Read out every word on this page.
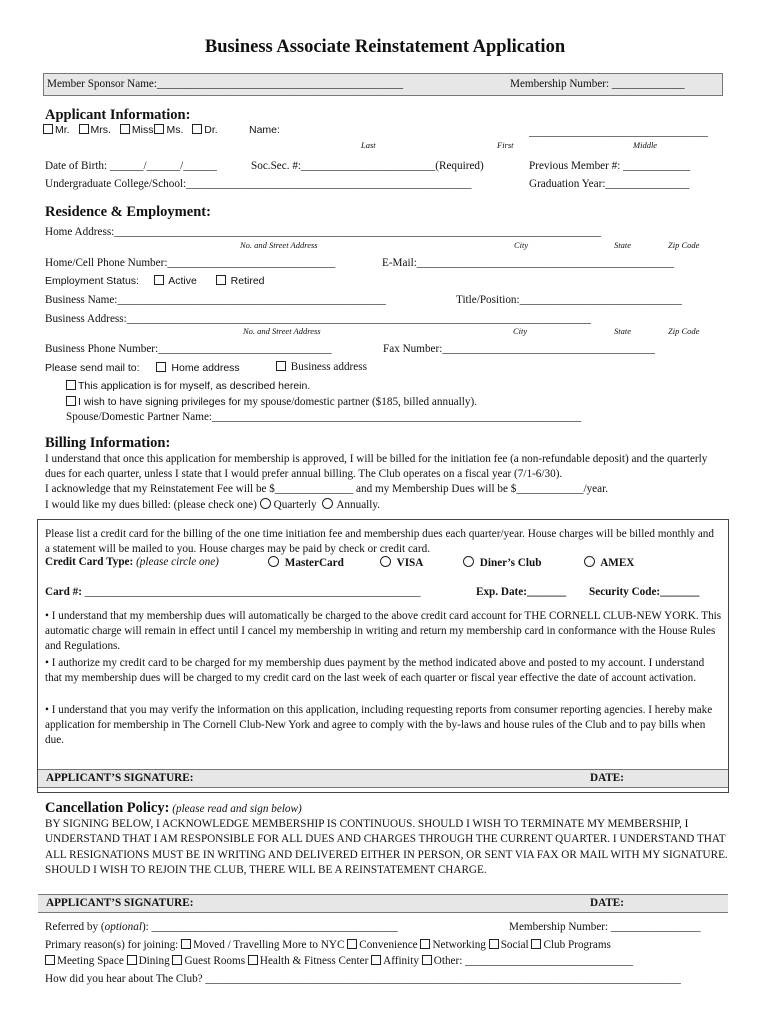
Business Associate Reinstatement Application
Member Sponsor Name:____________________________________________	Membership Number: _____________
Applicant Information:
Mr. Mrs. Miss Ms. Dr.	Name:	________________________________
Last	First	Middle
Date of Birth: ______/______/______	Soc.Sec. #:________________________(Required)	Previous Member #: ____________
Undergraduate College/School:___________________________________________________	Graduation Year:_______________
Residence & Employment:
Home Address:_______________________________________________________________________________________
No. and Street Address	City	State	Zip Code
Home/Cell Phone Number:______________________________	E-Mail:______________________________________________
Employment Status:	Active	Retired
Business Name:________________________________________________	Title/Position:_____________________________
Business Address:___________________________________________________________________________________
No. and Street Address	City	State	Zip Code
Business Phone Number:_______________________________	Fax Number:______________________________________
Please send mail to:	Home address	Business address
This application is for myself, as described herein.
I wish to have signing privileges for my spouse/domestic partner ($185, billed annually).
Spouse/Domestic Partner Name:__________________________________________________________________
Billing Information:
I understand that once this application for membership is approved, I will be billed for the initiation fee (a non-refundable deposit) and the quarterly dues for each quarter, unless I state that I would prefer annual billing. The Club operates on a fiscal year (7/1-6/30).
I acknowledge that my Reinstatement Fee will be $______________ and my Membership Dues will be $____________/year.
I would like my dues billed: (please check one) Quarterly Annually.
Please list a credit card for the billing of the one time initiation fee and membership dues each quarter/year. House charges will be billed monthly and a statement will be mailed to you. House charges may be paid by check or credit card.
Credit Card Type: (please circle one)	MasterCard	VISA	Diner’s Club	AMEX
Card #: ____________________________________________________________	Exp. Date:_______ Security Code:_______
• I understand that my membership dues will automatically be charged to the above credit card account for THE CORNELL CLUB-NEW YORK. This automatic charge will remain in effect until I cancel my membership in writing and return my membership card in conformance with the House Rules and Regulations.
• I authorize my credit card to be charged for my membership dues payment by the method indicated above and posted to my account. I understand that my membership dues will be charged to my credit card on the last week of each quarter or fiscal year effective the date of account activation.
• I understand that you may verify the information on this application, including requesting reports from consumer reporting agencies. I hereby make application for membership in The Cornell Club-New York and agree to comply with the by-laws and house rules of the Club and to pay bills when due.
APPLICANT’S SIGNATURE:	DATE:
Cancellation Policy: (please read and sign below)
BY SIGNING BELOW, I ACKNOWLEDGE MEMBERSHIP IS CONTINUOUS. SHOULD I WISH TO TERMINATE MY MEMBERSHIP, I UNDERSTAND THAT I AM RESPONSIBLE FOR ALL DUES AND CHARGES THROUGH THE CURRENT QUARTER. I UNDERSTAND THAT ALL RESIGNATIONS MUST BE IN WRITING AND DELIVERED EITHER IN PERSON, OR SENT VIA FAX OR MAIL WITH MY SIGNATURE. SHOULD I WISH TO REJOIN THE CLUB, THERE WILL BE A REINSTATEMENT CHARGE.
APPLICANT’S SIGNATURE:	DATE:
Referred by (optional): ____________________________________________	Membership Number: ________________
Primary reason(s) for joining: Moved / Travelling More to NYC Convenience Networking Social Club Programs
Meeting Space Dining Guest Rooms Health & Fitness Center Affinity Other: ______________________________
How did you hear about The Club? _____________________________________________________________________________________
